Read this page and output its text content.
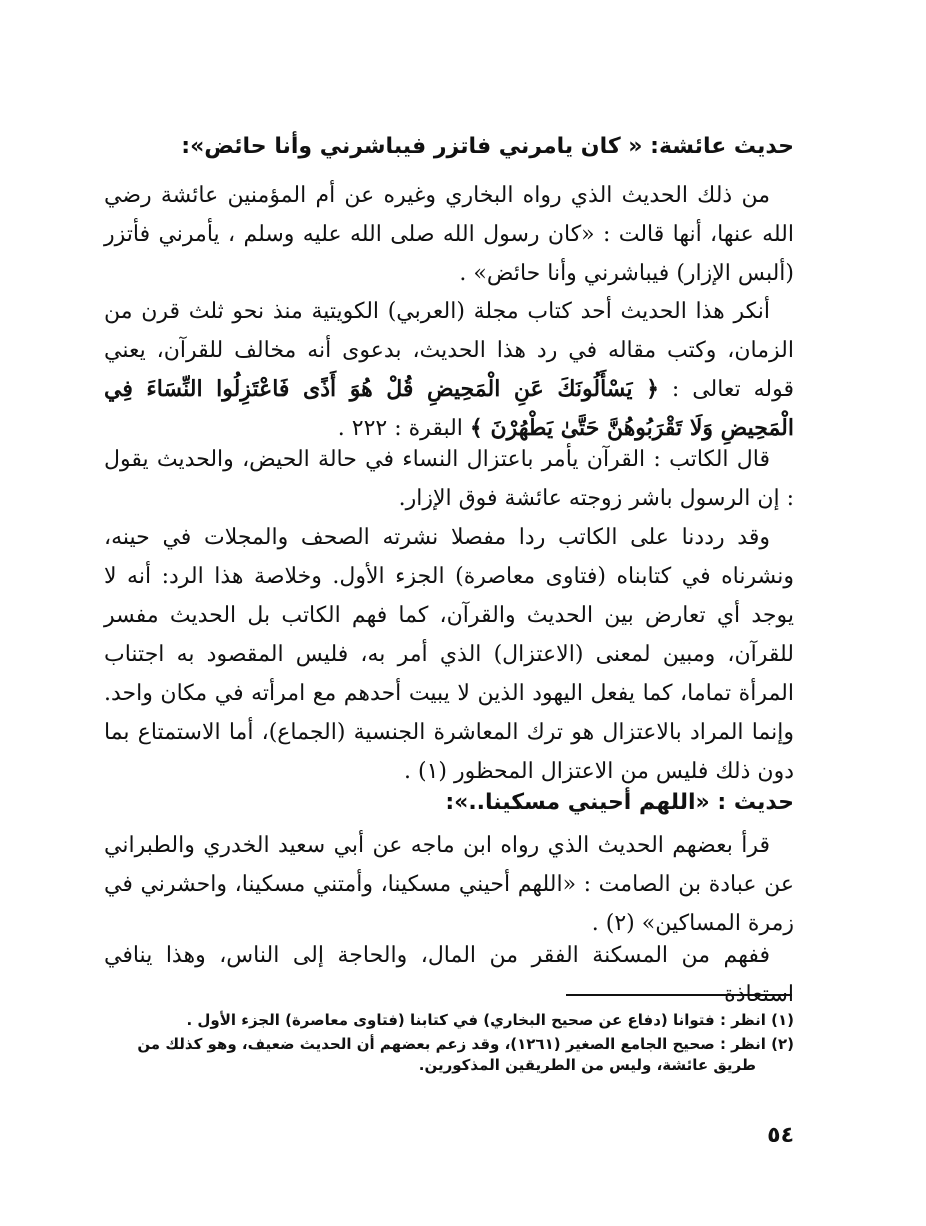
حديث عائشة: « كان يامرني فاتزر فيباشرني وأنا حائض»:
من ذلك الحديث الذي رواه البخاري وغيره عن أم المؤمنين عائشة رضي الله عنها، أنها قالت : «كان رسول الله صلى الله عليه وسلم ، يأمرني فأتزر (ألبس الإزار) فيباشرني وأنا حائض» .
أنكر هذا الحديث أحد كتاب مجلة (العربي) الكويتية منذ نحو ثلث قرن من الزمان، وكتب مقاله في رد هذا الحديث، بدعوى أنه مخالف للقرآن، يعني قوله تعالى : ﴿ يَسْأَلُونَكَ عَنِ الْمَحِيضِ قُلْ هُوَ أَذًى فَاعْتَزِلُوا النِّسَاءَ فِي الْمَحِيضِ وَلَا تَقْرَبُوهُنَّ حَتَّىٰ يَطْهُرْنَ ﴾ البقرة : ٢٢٢ .
قال الكاتب : القرآن يأمر باعتزال النساء في حالة الحيض، والحديث يقول : إن الرسول باشر زوجته عائشة فوق الإزار.
وقد رددنا على الكاتب ردا مفصلا نشرته الصحف والمجلات في حينه، ونشرناه في كتابناه (فتاوى معاصرة) الجزء الأول. وخلاصة هذا الرد: أنه لا يوجد أي تعارض بين الحديث والقرآن، كما فهم الكاتب بل الحديث مفسر للقرآن، ومبين لمعنى (الاعتزال) الذي أمر به، فليس المقصود به اجتناب المرأة تماما، كما يفعل اليهود الذين لا يبيت أحدهم مع امرأته في مكان واحد. وإنما المراد بالاعتزال هو ترك المعاشرة الجنسية (الجماع)، أما الاستمتاع بما دون ذلك فليس من الاعتزال المحظور (١) .
حديث : «اللهم أحيني مسكينا..»:
قرأ بعضهم الحديث الذي رواه ابن ماجه عن أبي سعيد الخدري والطبراني عن عبادة بن الصامت : «اللهم أحيني مسكينا، وأمتني مسكينا، واحشرني في زمرة المساكين» (٢) .
ففهم من المسكنة الفقر من المال، والحاجة إلى الناس، وهذا ينافي استعاذة
(١) انظر : فتوانا (دفاع عن صحيح البخاري) في كتابنا (فتاوى معاصرة) الجزء الأول .
(٢) انظر : صحيح الجامع الصغير (١٢٦١)، وقد زعم بعضهم أن الحديث ضعيف، وهو كذلك من
طريق عائشة، وليس من الطريقين المذكورين.
٥٤
